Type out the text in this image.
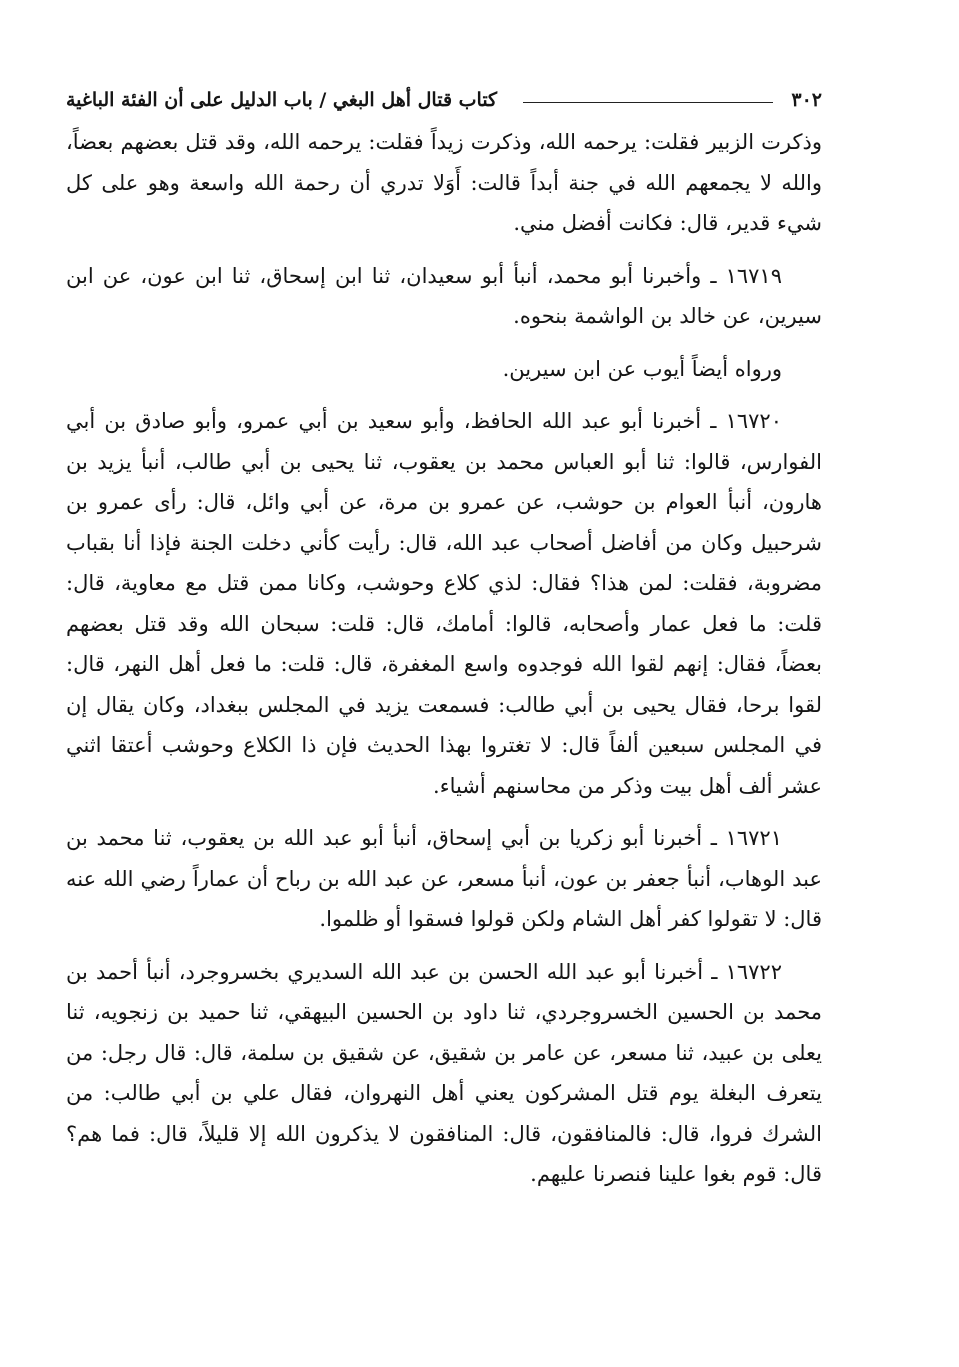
٣٠٢
كتاب قتال أهل البغي / باب الدليل على أن الفئة الباغية

وذكرت الزبير فقلت: يرحمه الله، وذكرت زيداً فقلت: يرحمه الله، وقد قتل بعضهم بعضاً، والله لا يجمعهم الله في جنة أبداً قالت: أَوَلا تدري أن رحمة الله واسعة وهو على كل شيء قدير، قال: فكانت أفضل مني.

١٦٧١٩ ـ وأخبرنا أبو محمد، أنبأ أبو سعيدان، ثنا ابن إسحاق، ثنا ابن عون، عن ابن سيرين، عن خالد بن الواشمة بنحوه.

ورواه أيضاً أيوب عن ابن سيرين.

١٦٧٢٠ ـ أخبرنا أبو عبد الله الحافظ، وأبو سعيد بن أبي عمرو، وأبو صادق بن أبي الفوارس، قالوا: ثنا أبو العباس محمد بن يعقوب، ثنا يحيى بن أبي طالب، أنبأ يزيد بن هارون، أنبأ العوام بن حوشب، عن عمرو بن مرة، عن أبي وائل، قال: رأى عمرو بن شرحبيل وكان من أفاضل أصحاب عبد الله، قال: رأيت كأني دخلت الجنة فإذا أنا بقباب مضروبة، فقلت: لمن هذا؟ فقال: لذي كلاع وحوشب، وكانا ممن قتل مع معاوية، قال: قلت: ما فعل عمار وأصحابه، قالوا: أمامك، قال: قلت: سبحان الله وقد قتل بعضهم بعضاً، فقال: إنهم لقوا الله فوجدوه واسع المغفرة، قال: قلت: ما فعل أهل النهر، قال: لقوا برحا، فقال يحيى بن أبي طالب: فسمعت يزيد في المجلس ببغداد، وكان يقال إن في المجلس سبعين ألفاً قال: لا تغتروا بهذا الحديث فإن ذا الكلاع وحوشب أعتقا اثني عشر ألف أهل بيت وذكر من محاسنهم أشياء.

١٦٧٢١ ـ أخبرنا أبو زكريا بن أبي إسحاق، أنبأ أبو عبد الله بن يعقوب، ثنا محمد بن عبد الوهاب، أنبأ جعفر بن عون، أنبأ مسعر، عن عبد الله بن رباح أن عماراً رضي الله عنه قال: لا تقولوا كفر أهل الشام ولكن قولوا فسقوا أو ظلموا.

١٦٧٢٢ ـ أخبرنا أبو عبد الله الحسن بن عبد الله السديري بخسروجرد، أنبأ أحمد بن محمد بن الحسين الخسروجردي، ثنا داود بن الحسين البيهقي، ثنا حميد بن زنجويه، ثنا يعلى بن عبيد، ثنا مسعر، عن عامر بن شقيق، عن شقيق بن سلمة، قال: قال رجل: من يتعرف البغلة يوم قتل المشركون يعني أهل النهروان، فقال علي بن أبي طالب: من الشرك فروا، قال: فالمنافقون، قال: المنافقون لا يذكرون الله إلا قليلاً، قال: فما هم؟ قال: قوم بغوا علينا فنصرنا عليهم.
